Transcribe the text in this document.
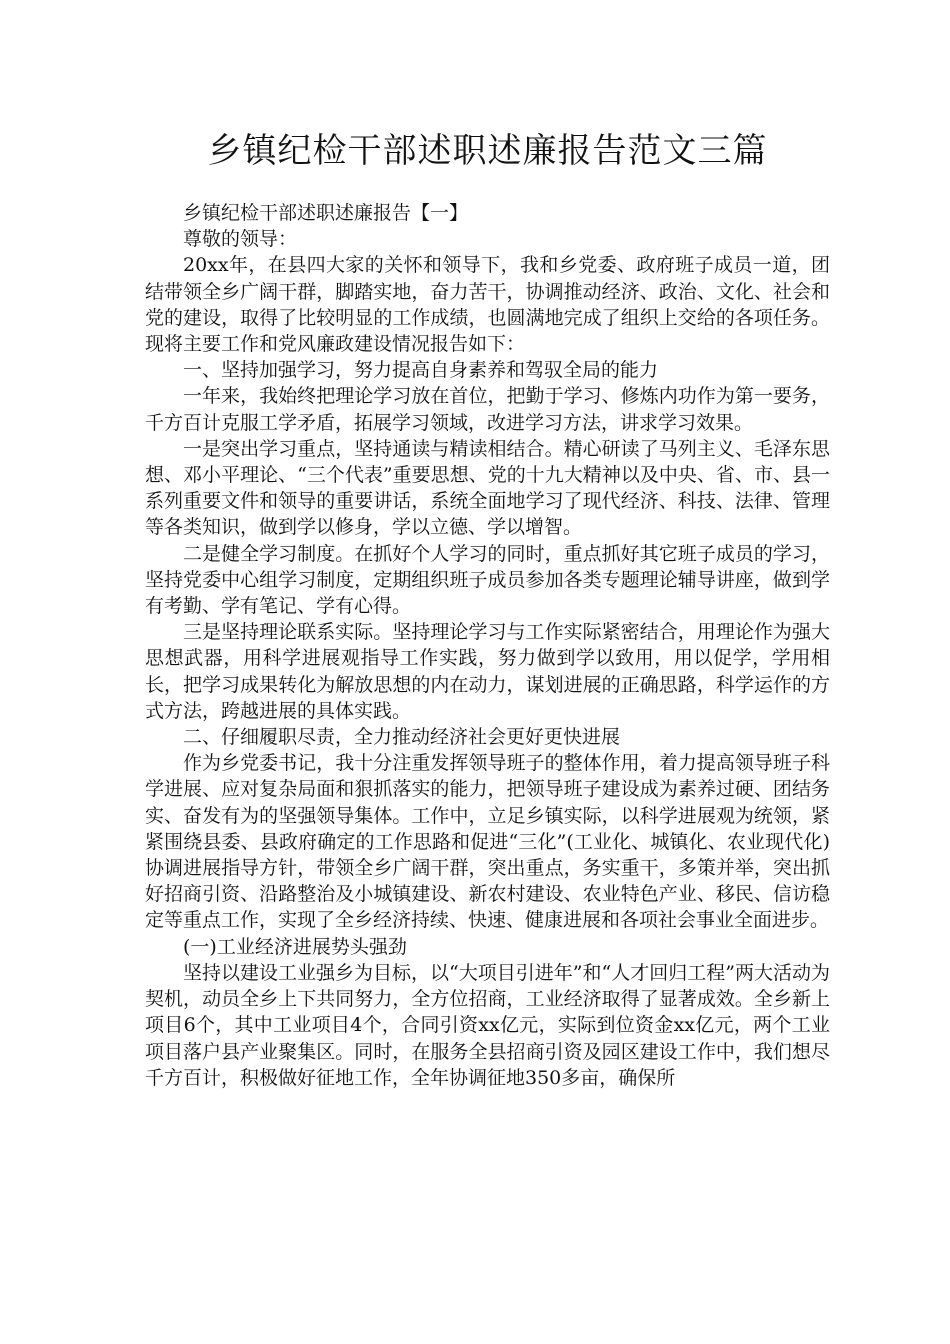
乡镇纪检干部述职述廉报告范文三篇

乡镇纪检干部述职述廉报告【一】

尊敬的领导：

20xx年，在县四大家的关怀和领导下，我和乡党委、政府班子成员一道，团结带领全乡广阔干群，脚踏实地，奋力苦干，协调推动经济、政治、文化、社会和党的建设，取得了比较明显的工作成绩，也圆满地完成了组织上交给的各项任务。现将主要工作和党风廉政建设情况报告如下：

一、坚持加强学习，努力提高自身素养和驾驭全局的能力

一年来，我始终把理论学习放在首位，把勤于学习、修炼内功作为第一要务，千方百计克服工学矛盾，拓展学习领域，改进学习方法，讲求学习效果。

一是突出学习重点，坚持通读与精读相结合。精心研读了马列主义、毛泽东思想、邓小平理论、“三个代表”重要思想、党的十九大精神以及中央、省、市、县一系列重要文件和领导的重要讲话，系统全面地学习了现代经济、科技、法律、管理等各类知识，做到学以修身，学以立德、学以增智。

二是健全学习制度。在抓好个人学习的同时，重点抓好其它班子成员的学习，坚持党委中心组学习制度，定期组织班子成员参加各类专题理论辅导讲座，做到学有考勤、学有笔记、学有心得。

三是坚持理论联系实际。坚持理论学习与工作实际紧密结合，用理论作为强大思想武器，用科学进展观指导工作实践，努力做到学以致用，用以促学，学用相长，把学习成果转化为解放思想的内在动力，谋划进展的正确思路，科学运作的方式方法，跨越进展的具体实践。

二、仔细履职尽责，全力推动经济社会更好更快进展

作为乡党委书记，我十分注重发挥领导班子的整体作用，着力提高领导班子科学进展、应对复杂局面和狠抓落实的能力，把领导班子建设成为素养过硬、团结务实、奋发有为的坚强领导集体。工作中，立足乡镇实际，以科学进展观为统领，紧紧围绕县委、县政府确定的工作思路和促进“三化”(工业化、城镇化、农业现代化)协调进展指导方针，带领全乡广阔干群，突出重点，务实重干，多策并举，突出抓好招商引资、沿路整治及小城镇建设、新农村建设、农业特色产业、移民、信访稳定等重点工作，实现了全乡经济持续、快速、健康进展和各项社会事业全面进步。

(一)工业经济进展势头强劲

坚持以建设工业强乡为目标，以“大项目引进年”和“人才回归工程”两大活动为契机，动员全乡上下共同努力，全方位招商，工业经济取得了显著成效。全乡新上项目6个，其中工业项目4个，合同引资xx亿元，实际到位资金xx亿元，两个工业项目落户县产业聚集区。同时，在服务全县招商引资及园区建设工作中，我们想尽千方百计，积极做好征地工作，全年协调征地350多亩，确保所
